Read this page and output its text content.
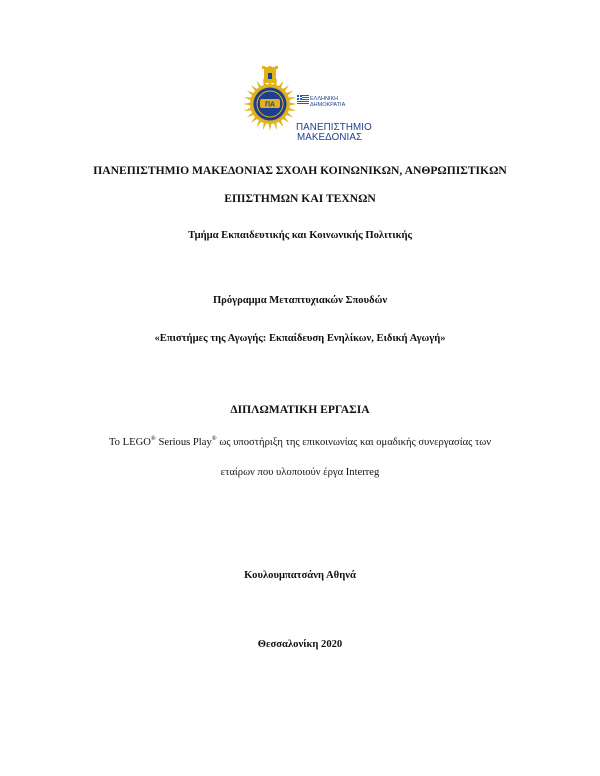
ΠΑ
ΕΛΛΗΝΙΚΗ
ΔΗΜΟΚΡΑΤΙΑ
ΠΑΝΕΠΙΣΤΗΜΙΟ
ΜΑΚΕΔΟΝΙΑΣ
ΠΑΝΕΠΙΣΤΗΜΙΟ ΜΑΚΕΔΟΝΙΑΣ ΣΧΟΛΗ ΚΟΙΝΩΝΙΚΩΝ, ΑΝΘΡΩΠΙΣΤΙΚΩΝ
ΕΠΙΣΤΗΜΩΝ ΚΑΙ ΤΕΧΝΩΝ
Τμήμα Εκπαιδευτικής και Κοινωνικής Πολιτικής
Πρόγραμμα Μεταπτυχιακών Σπουδών
«Επιστήμες της Αγωγής: Εκπαίδευση Ενηλίκων, Ειδική Αγωγή»
ΔΙΠΛΩΜΑΤΙΚΗ ΕΡΓΑΣΙΑ
To LEGO® Serious Play® ως υποστήριξη της επικοινωνίας και ομαδικής συνεργασίας των
εταίρων που υλοποιούν έργα Interreg
Κουλουμπατσάνη Αθηνά
Θεσσαλονίκη 2020
